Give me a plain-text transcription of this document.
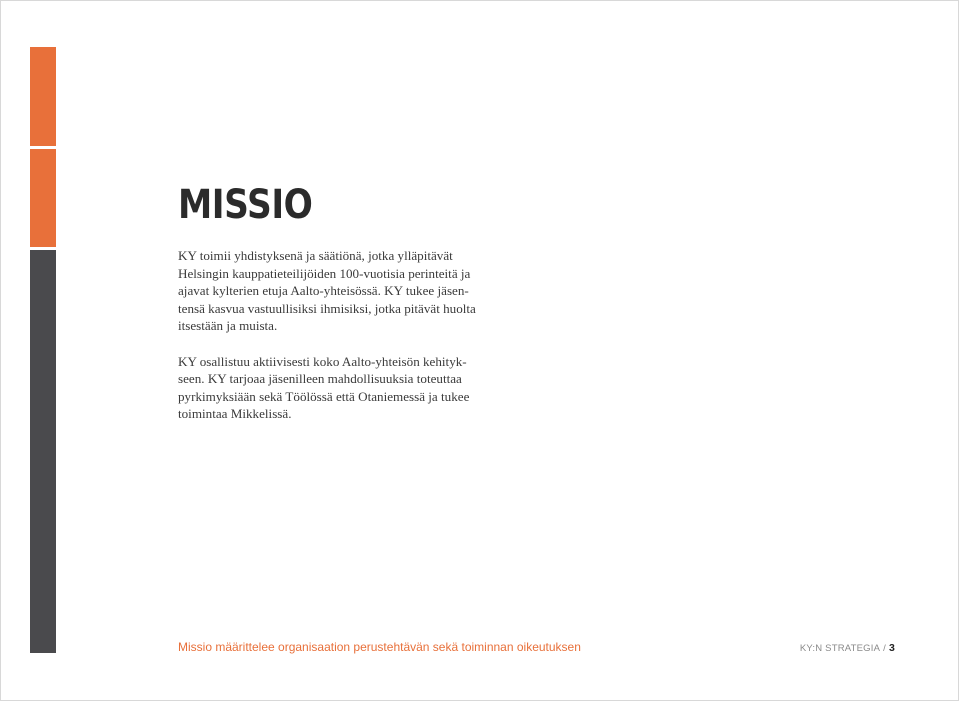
MISSIO

KY toimii yhdistyksenä ja säätiönä, jotka ylläpitävät
Helsingin kauppatieteilijöiden 100-vuotisia perinteitä ja
ajavat kylterien etuja Aalto-yhteisössä. KY tukee jäsen-
tensä kasvua vastuullisiksi ihmisiksi, jotka pitävät huolta
itsestään ja muista.

KY osallistuu aktiivisesti koko Aalto-yhteisön kehityk-
seen. KY tarjoaa jäsenilleen mahdollisuuksia toteuttaa
pyrkimyksiään sekä Töölössä että Otaniemessä ja tukee
toimintaa Mikkelissä.

Missio määrittelee organisaation perustehtävän sekä toiminnan oikeutuksen	KY:N STRATEGIA / 3
